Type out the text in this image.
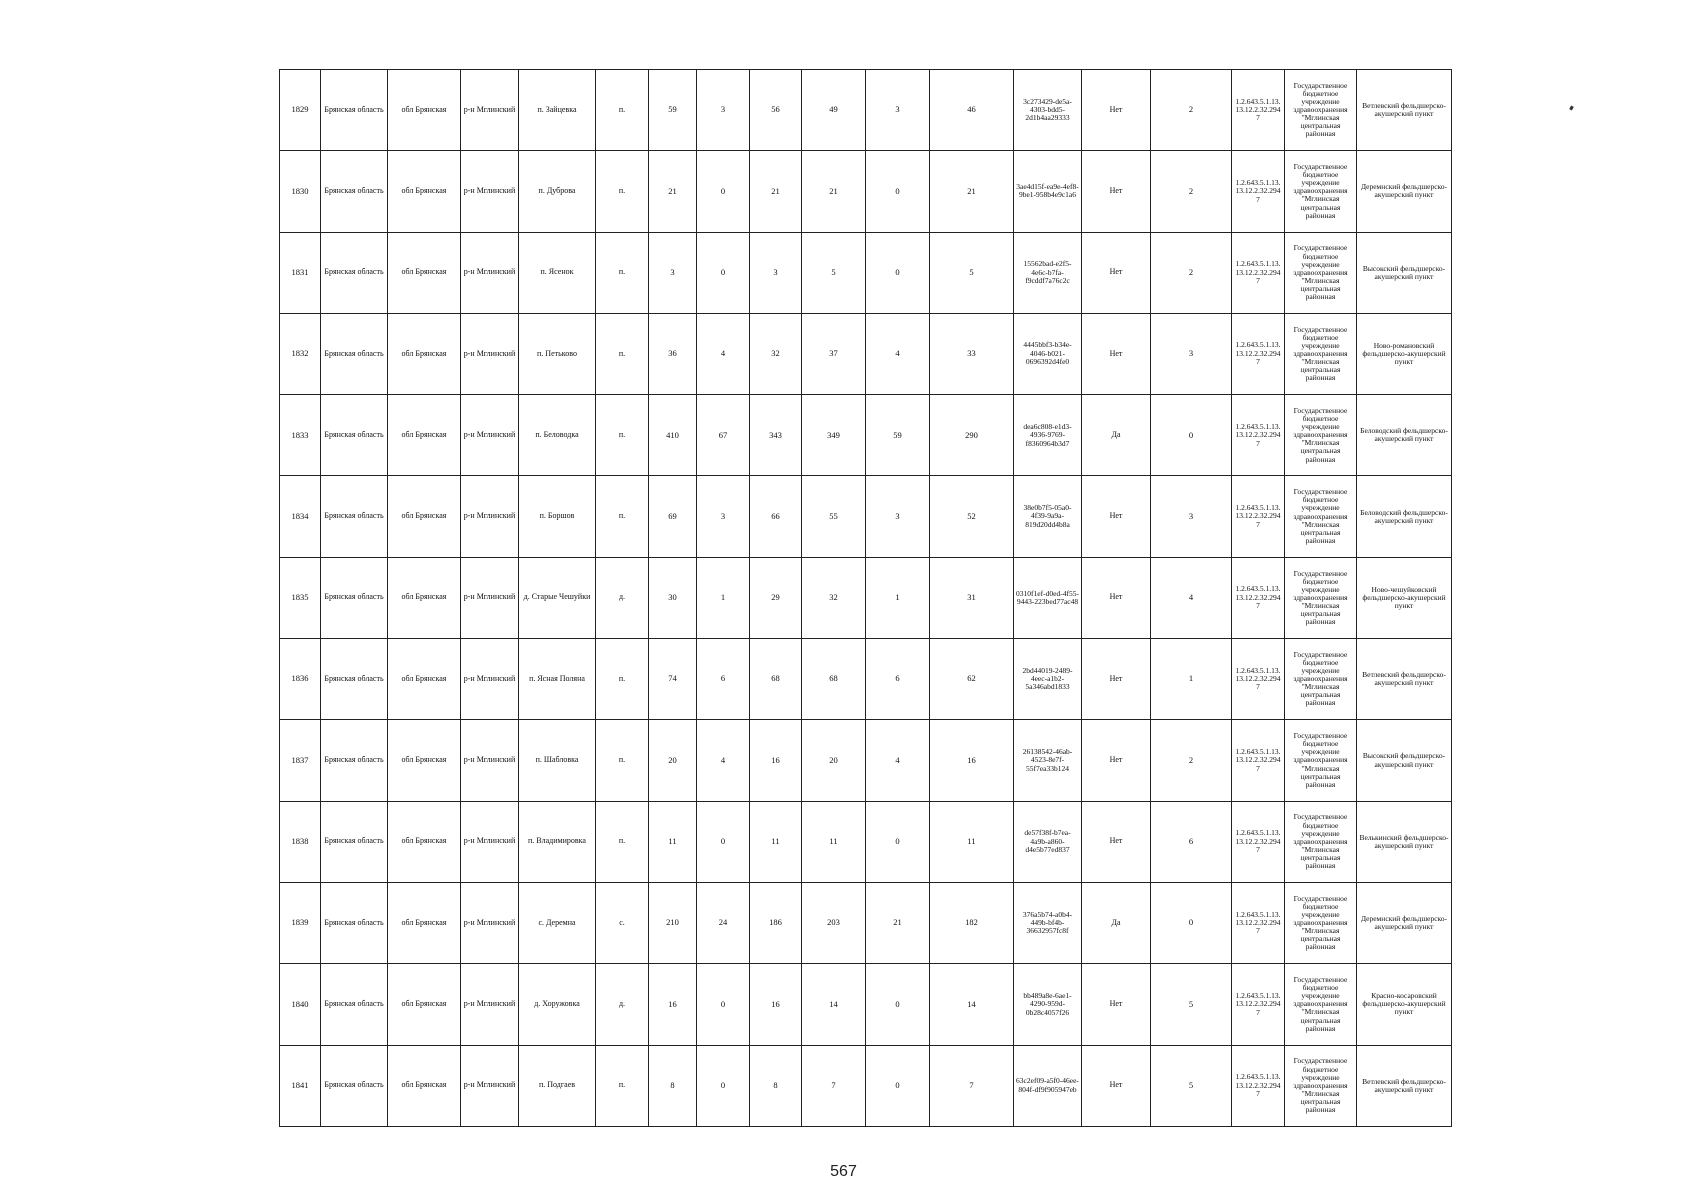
1829	Брянская область	обл Брянская	р-н Мглинский	п. Зайцевка	п.	59	3	56	49	3	46	3c273429-de5a-4303-bdd5-2d1b4aa29333	Нет	2	1.2.643.5.1.13.13.12.2.32.2947	Государственное бюджетное учреждение здравоохранения "Мглинская центральная районная	Ветлевский фельдшерско-акушерский пункт
1830	Брянская область	обл Брянская	р-н Мглинский	п. Дуброва	п.	21	0	21	21	0	21	3ae4d15f-ea9e-4ef8-9be1-958b4e9c1a6	Нет	2	1.2.643.5.1.13.13.12.2.32.2947	Государственное бюджетное учреждение здравоохранения "Мглинская центральная районная	Деремнский фельдшерско-акушерский пункт
1831	Брянская область	обл Брянская	р-н Мглинский	п. Ясенок	п.	3	0	3	5	0	5	15562bad-e2f5-4e6c-b7fa-f9cddf7a76c2c	Нет	2	1.2.643.5.1.13.13.12.2.32.2947	Государственное бюджетное учреждение здравоохранения "Мглинская центральная районная	Высокский фельдшерско-акушерский пункт
1832	Брянская область	обл Брянская	р-н Мглинский	п. Петьково	п.	36	4	32	37	4	33	4445bbf3-b34e-4046-b021-0696392d4fe0	Нет	3	1.2.643.5.1.13.13.12.2.32.2947	Государственное бюджетное учреждение здравоохранения "Мглинская центральная районная	Ново-романовский фельдшерско-акушерский пункт
1833	Брянская область	обл Брянская	р-н Мглинский	п. Беловодка	п.	410	67	343	349	59	290	dea6c808-e1d3-4936-9769-f8360964b3d7	Да	0	1.2.643.5.1.13.13.12.2.32.2947	Государственное бюджетное учреждение здравоохранения "Мглинская центральная районная	Беловодский фельдшерско-акушерский пункт
1834	Брянская область	обл Брянская	р-н Мглинский	п. Боршов	п.	69	3	66	55	3	52	38e0b7f5-05a0-4f39-9a9a-819d20dd4b8a	Нет	3	1.2.643.5.1.13.13.12.2.32.2947	Государственное бюджетное учреждение здравоохранения "Мглинская центральная районная	Беловодский фельдшерско-акушерский пункт
1835	Брянская область	обл Брянская	р-н Мглинский	д. Старые Чешуйки	д.	30	1	29	32	1	31	0310f1ef-d0ed-4f55-9443-223bed77ac48	Нет	4	1.2.643.5.1.13.13.12.2.32.2947	Государственное бюджетное учреждение здравоохранения "Мглинская центральная районная	Ново-чешуйковский фельдшерско-акушерский пункт
1836	Брянская область	обл Брянская	р-н Мглинский	п. Ясная Поляна	п.	74	6	68	68	6	62	2bd44019-2489-4eec-a1b2-5a346abd1833	Нет	1	1.2.643.5.1.13.13.12.2.32.2947	Государственное бюджетное учреждение здравоохранения "Мглинская центральная районная	Ветлевский фельдшерско-акушерский пункт
1837	Брянская область	обл Брянская	р-н Мглинский	п. Шабловка	п.	20	4	16	20	4	16	26138542-46ab-4523-8e7f-55f7ea33b124	Нет	2	1.2.643.5.1.13.13.12.2.32.2947	Государственное бюджетное учреждение здравоохранения "Мглинская центральная районная	Высокский фельдшерско-акушерский пункт
1838	Брянская область	обл Брянская	р-н Мглинский	п. Владимировка	п.	11	0	11	11	0	11	de57f38f-b7ea-4a9b-a860-d4e5b77ed837	Нет	6	1.2.643.5.1.13.13.12.2.32.2947	Государственное бюджетное учреждение здравоохранения "Мглинская центральная районная	Велькинский фельдшерско-акушерский пункт
1839	Брянская область	обл Брянская	р-н Мглинский	с. Деремна	с.	210	24	186	203	21	182	376a5b74-a0b4-449b-bf4b-36632957fc8f	Да	0	1.2.643.5.1.13.13.12.2.32.2947	Государственное бюджетное учреждение здравоохранения "Мглинская центральная районная	Деремнский фельдшерско-акушерский пункт
1840	Брянская область	обл Брянская	р-н Мглинский	д. Хоружовка	д.	16	0	16	14	0	14	bb489a8e-6ae1-4290-959d-0b28c4057f26	Нет	5	1.2.643.5.1.13.13.12.2.32.2947	Государственное бюджетное учреждение здравоохранения "Мглинская центральная районная	Красно-косаровский фельдшерско-акушерский пункт
1841	Брянская область	обл Брянская	р-н Мглинский	п. Подгаев	п.	8	0	8	7	0	7	63c2ef09-a5f0-46ee-804f-df9f905947eb	Нет	5	1.2.643.5.1.13.13.12.2.32.2947	Государственное бюджетное учреждение здравоохранения "Мглинская центральная районная	Ветлевский фельдшерско-акушерский пункт
567
